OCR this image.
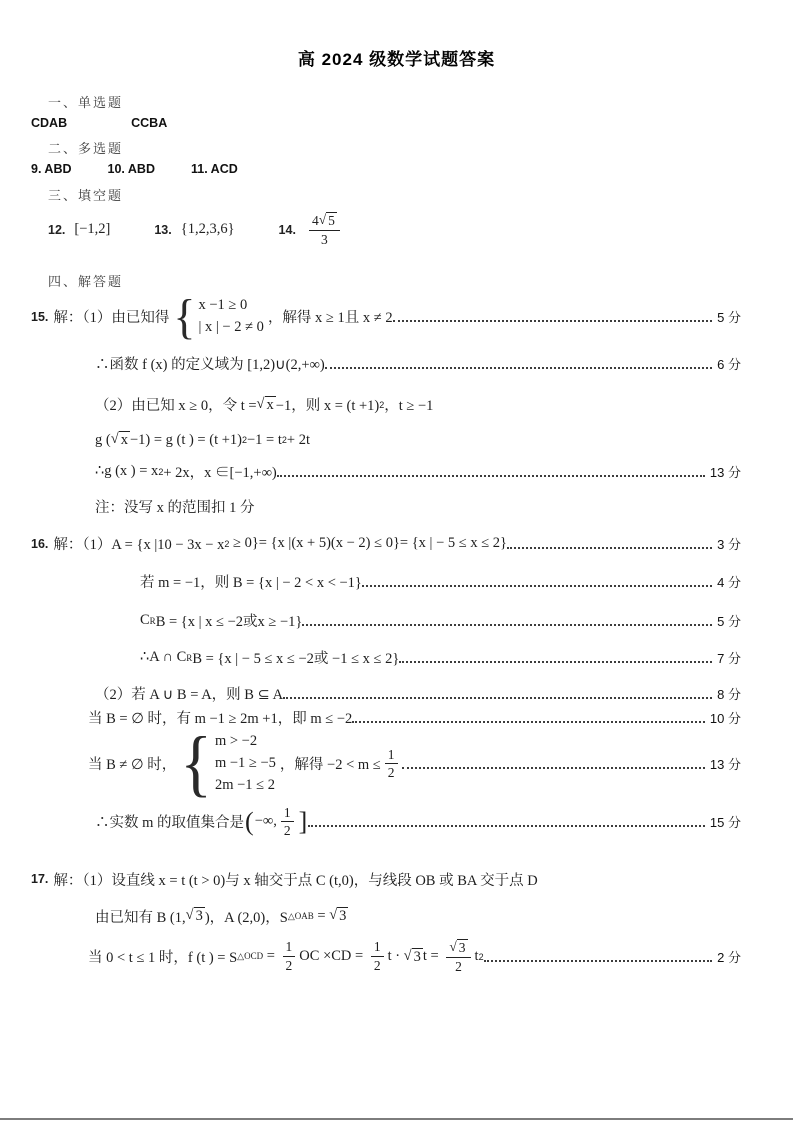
高 2024 级数学试题答案
一、单选题
CDAB	CCBA
二、多选题
9. ABD	10. ABD	11. ACD
三、填空题
12. [−1,2]	13. {1,2,3,6}	14. $\frac{4 √ 5}{3}$
四、解答题
15. 解：（1）由已知得 { x −1 ≥ 0
| x | − 2 ≠ 0
，解得 x ≥ 1且 x ≠ 2	5 分
∴函数 f (x) 的定义域为 [1,2)∪(2,+∞)	6 分
（2）由已知 x ≥ 0，令 t = √ x −1，则 x = (t +1) 2 ，t ≥ −1
g ( √ x −1) = g (t ) = (t +1) 2 −1 = t 2 + 2t
∴g (x ) = x 2 + 2x，x ∈[−1,+∞)	13 分
注：没写 x 的范围扣 1 分
16. 解：（1）A = {x |10 − 3x − x 2 ≥ 0}= {x |(x + 5)(x − 2) ≤ 0}= {x | − 5 ≤ x ≤ 2}	3 分
若 m = −1，则 B = {x | − 2 < x < −1}	4 分
C R B = {x | x ≤ −2或x ≥ −1}	5 分
∴A ∩ C R B = {x | − 5 ≤ x ≤ −2或 −1 ≤ x ≤ 2}	7 分
（2）若 A ∪ B = A，则 B ⊆ A	8 分
当 B = ∅ 时，有 m −1 ≥ 2m +1，即 m ≤ −2	10 分
当 B ≠ ∅ 时， { m > −2
m −1 ≥ −5
2m −1 ≤ 2
，解得 $-2 < m \le \frac{1}{2}$	13 分
∴实数 m 的取值集合是 ( −∞, $\frac{1}{2}$ ]	15 分
17. 解：（1）设直线 x = t (t > 0)与 x 轴交于点 C (t,0)，与线段 OB 或 BA 交于点 D
由已知有 B (1, √ 3 )，A (2,0)，S △OAB = √ 3
当 0 < t ≤ 1 时，f (t ) = S △OCD = $\frac{1}{2}$ OC $\times CD = \frac{1}{2}$ t · √ 3 $t = \frac{√ 3}{2}$ t 2	2 分
